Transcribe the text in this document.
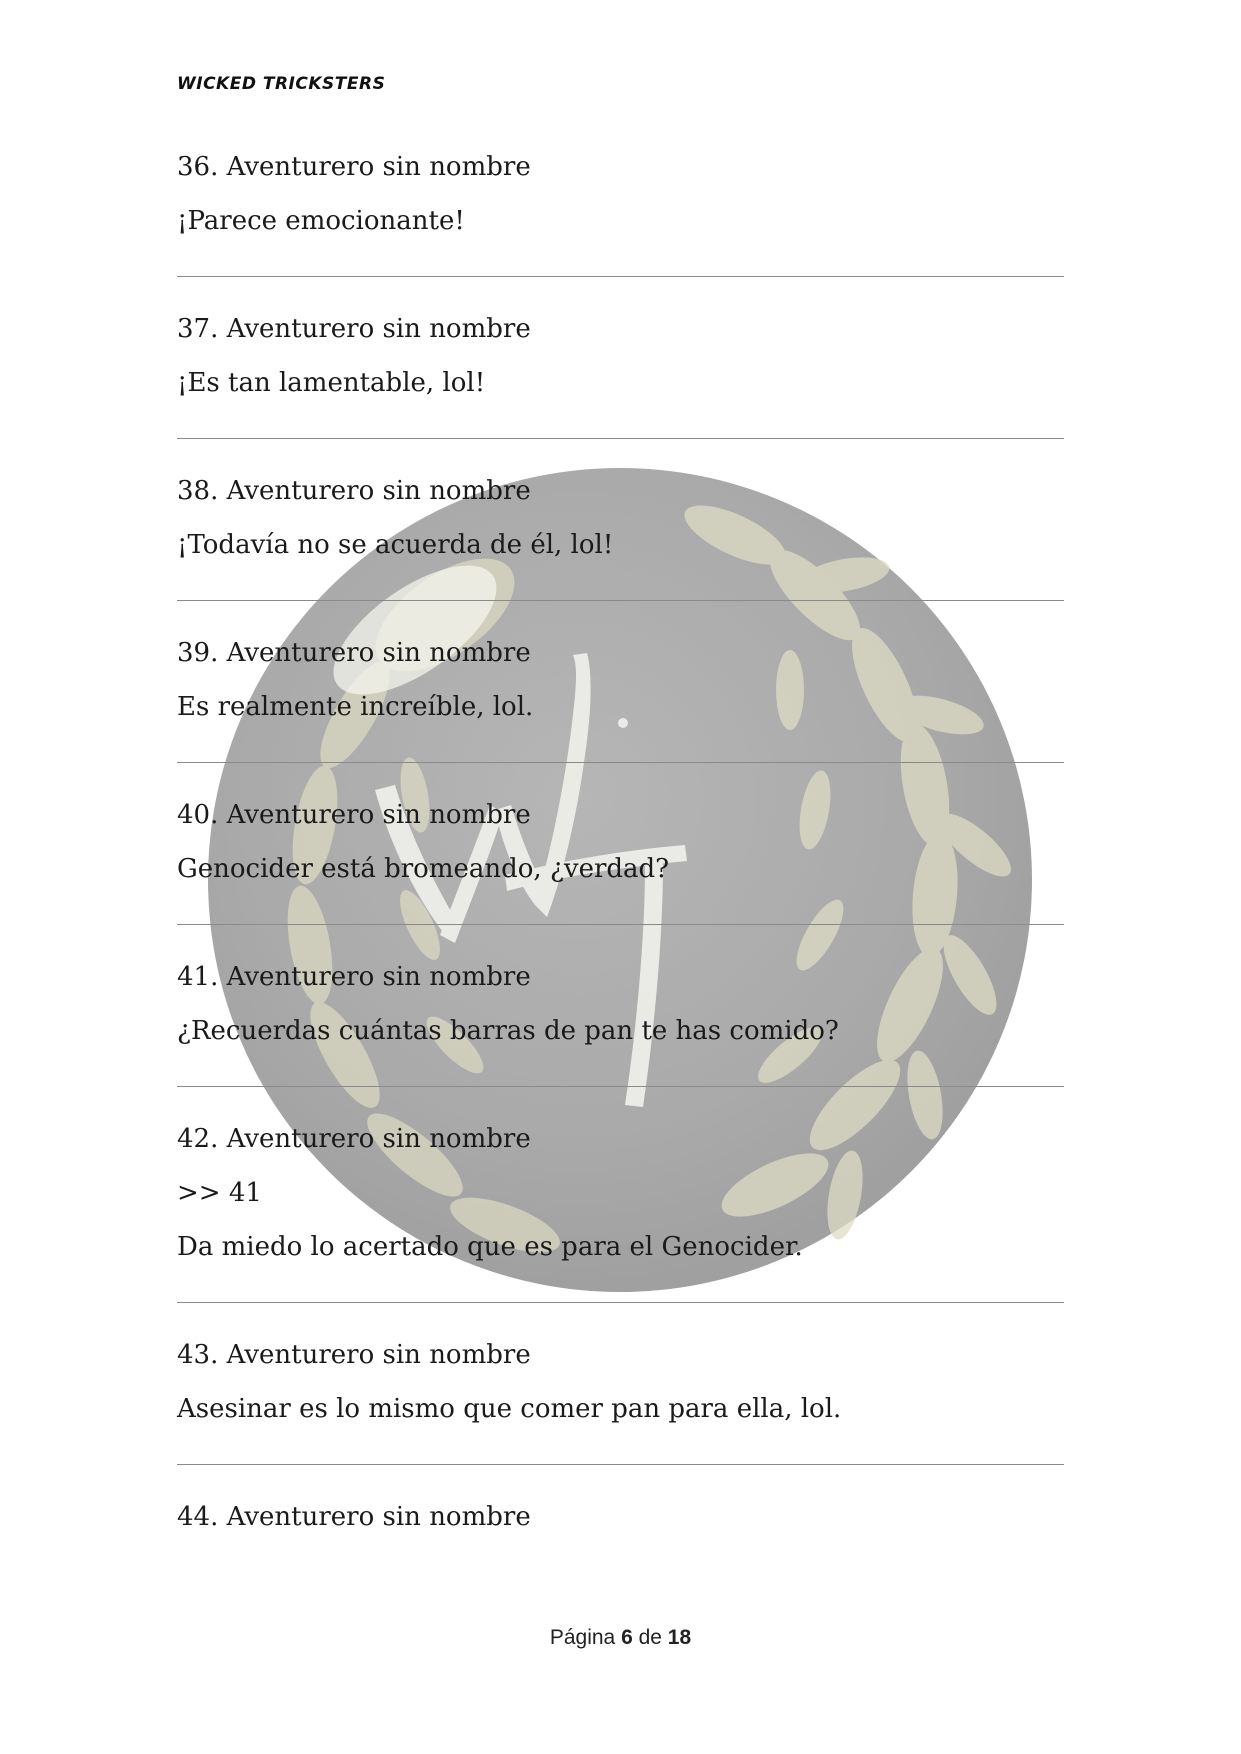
WICKED TRICKSTERS
36. Aventurero sin nombre
¡Parece emocionante!
37. Aventurero sin nombre
¡Es tan lamentable, lol!
38. Aventurero sin nombre
¡Todavía no se acuerda de él, lol!
39. Aventurero sin nombre
Es realmente increíble, lol.
40. Aventurero sin nombre
Genocider está bromeando, ¿verdad?
41. Aventurero sin nombre
¿Recuerdas cuántas barras de pan te has comido?
42. Aventurero sin nombre
>> 41
Da miedo lo acertado que es para el Genocider.
43. Aventurero sin nombre
Asesinar es lo mismo que comer pan para ella, lol.
44. Aventurero sin nombre
Página 6 de 18
